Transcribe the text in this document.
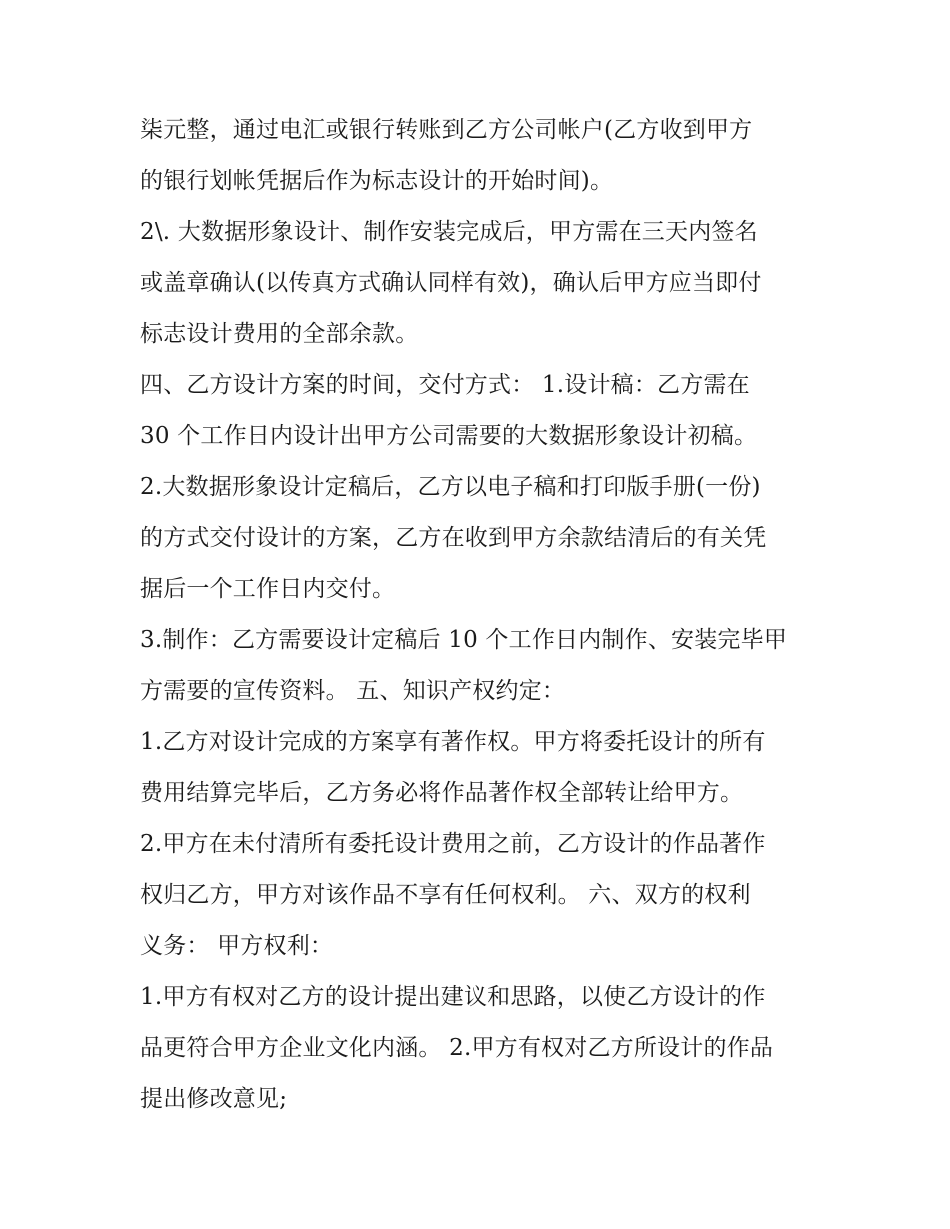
柒元整，通过电汇或银行转账到乙方公司帐户(乙方收到甲方
的银行划帐凭据后作为标志设计的开始时间)。
2\. 大数据形象设计、制作安装完成后，甲方需在三天内签名
或盖章确认(以传真方式确认同样有效)，确认后甲方应当即付
标志设计费用的全部余款。
四、乙方设计方案的时间，交付方式： 1.设计稿：乙方需在
30 个工作日内设计出甲方公司需要的大数据形象设计初稿。
2.大数据形象设计定稿后，乙方以电子稿和打印版手册(一份)
的方式交付设计的方案，乙方在收到甲方余款结清后的有关凭
据后一个工作日内交付。
3.制作：乙方需要设计定稿后 10 个工作日内制作、安装完毕甲
方需要的宣传资料。 五、知识产权约定：
1.乙方对设计完成的方案享有著作权。甲方将委托设计的所有
费用结算完毕后，乙方务必将作品著作权全部转让给甲方。
2.甲方在未付清所有委托设计费用之前，乙方设计的作品著作
权归乙方，甲方对该作品不享有任何权利。 六、双方的权利
义务： 甲方权利：
1.甲方有权对乙方的设计提出建议和思路，以使乙方设计的作
品更符合甲方企业文化内涵。 2.甲方有权对乙方所设计的作品
提出修改意见;
